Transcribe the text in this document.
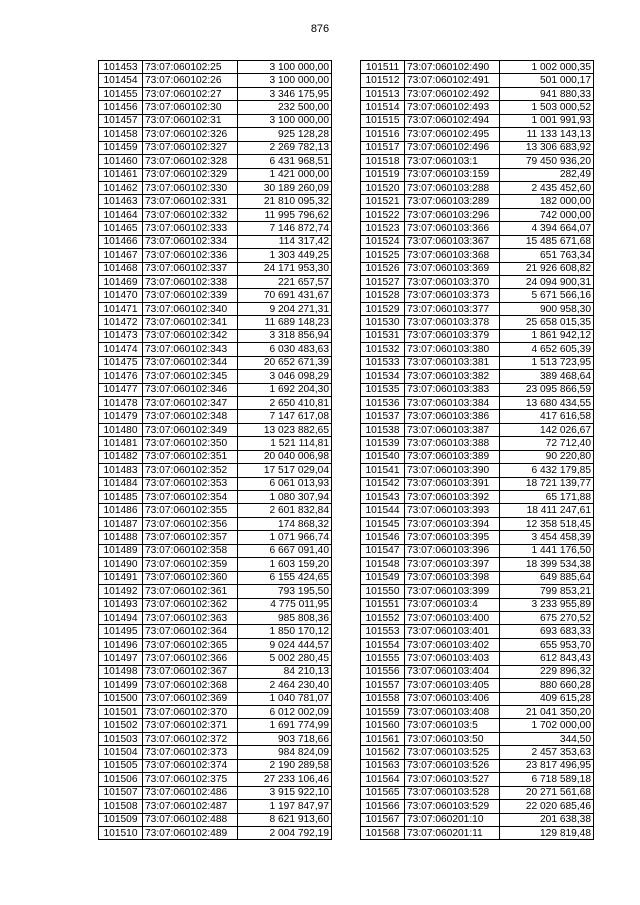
876
101453	73:07:060102:25	3 100 000,00
101454	73:07:060102:26	3 100 000,00
101455	73:07:060102:27	3 346 175,95
101456	73:07:060102:30	232 500,00
101457	73:07:060102:31	3 100 000,00
101458	73:07:060102:326	925 128,28
101459	73:07:060102:327	2 269 782,13
101460	73:07:060102:328	6 431 968,51
101461	73:07:060102:329	1 421 000,00
101462	73:07:060102:330	30 189 260,09
101463	73:07:060102:331	21 810 095,32
101464	73:07:060102:332	11 995 796,62
101465	73:07:060102:333	7 146 872,74
101466	73:07:060102:334	114 317,42
101467	73:07:060102:336	1 303 449,25
101468	73:07:060102:337	24 171 953,30
101469	73:07:060102:338	221 657,57
101470	73:07:060102:339	70 691 431,67
101471	73:07:060102:340	9 204 271,31
101472	73:07:060102:341	11 689 148,23
101473	73:07:060102:342	3 318 856,94
101474	73:07:060102:343	6 030 483,63
101475	73:07:060102:344	20 652 671,39
101476	73:07:060102:345	3 046 098,29
101477	73:07:060102:346	1 692 204,30
101478	73:07:060102:347	2 650 410,81
101479	73:07:060102:348	7 147 617,08
101480	73:07:060102:349	13 023 882,65
101481	73:07:060102:350	1 521 114,81
101482	73:07:060102:351	20 040 006,98
101483	73:07:060102:352	17 517 029,04
101484	73:07:060102:353	6 061 013,93
101485	73:07:060102:354	1 080 307,94
101486	73:07:060102:355	2 601 832,84
101487	73:07:060102:356	174 868,32
101488	73:07:060102:357	1 071 966,74
101489	73:07:060102:358	6 667 091,40
101490	73:07:060102:359	1 603 159,20
101491	73:07:060102:360	6 155 424,65
101492	73:07:060102:361	793 195,50
101493	73:07:060102:362	4 775 011,95
101494	73:07:060102:363	985 808,36
101495	73:07:060102:364	1 850 170,12
101496	73:07:060102:365	9 024 444,57
101497	73:07:060102:366	5 002 280,45
101498	73:07:060102:367	84 210,13
101499	73:07:060102:368	2 464 230,40
101500	73:07:060102:369	1 040 781,07
101501	73:07:060102:370	6 012 002,09
101502	73:07:060102:371	1 691 774,99
101503	73:07:060102:372	903 718,66
101504	73:07:060102:373	984 824,09
101505	73:07:060102:374	2 190 289,58
101506	73:07:060102:375	27 233 106,46
101507	73:07:060102:486	3 915 922,10
101508	73:07:060102:487	1 197 847,97
101509	73:07:060102:488	8 621 913,60
101510	73:07:060102:489	2 004 792,19
101511	73:07:060102:490	1 002 000,35
101512	73:07:060102:491	501 000,17
101513	73:07:060102:492	941 880,33
101514	73:07:060102:493	1 503 000,52
101515	73:07:060102:494	1 001 991,93
101516	73:07:060102:495	11 133 143,13
101517	73:07:060102:496	13 306 683,92
101518	73:07:060103:1	79 450 936,20
101519	73:07:060103:159	282,49
101520	73:07:060103:288	2 435 452,60
101521	73:07:060103:289	182 000,00
101522	73:07:060103:296	742 000,00
101523	73:07:060103:366	4 394 664,07
101524	73:07:060103:367	15 485 671,68
101525	73:07:060103:368	651 763,34
101526	73:07:060103:369	21 926 608,82
101527	73:07:060103:370	24 094 900,31
101528	73:07:060103:373	5 671 566,16
101529	73:07:060103:377	900 958,30
101530	73:07:060103:378	25 658 015,35
101531	73:07:060103:379	1 861 942,12
101532	73:07:060103:380	4 652 605,39
101533	73:07:060103:381	1 513 723,95
101534	73:07:060103:382	389 468,64
101535	73:07:060103:383	23 095 866,59
101536	73:07:060103:384	13 680 434,55
101537	73:07:060103:386	417 616,58
101538	73:07:060103:387	142 026,67
101539	73:07:060103:388	72 712,40
101540	73:07:060103:389	90 220,80
101541	73:07:060103:390	6 432 179,85
101542	73:07:060103:391	18 721 139,77
101543	73:07:060103:392	65 171,88
101544	73:07:060103:393	18 411 247,61
101545	73:07:060103:394	12 358 518,45
101546	73:07:060103:395	3 454 458,39
101547	73:07:060103:396	1 441 176,50
101548	73:07:060103:397	18 399 534,38
101549	73:07:060103:398	649 885,64
101550	73:07:060103:399	799 853,21
101551	73:07:060103:4	3 233 955,89
101552	73:07:060103:400	675 270,52
101553	73:07:060103:401	693 683,33
101554	73:07:060103:402	655 953,70
101555	73:07:060103:403	612 843,43
101556	73:07:060103:404	229 896,32
101557	73:07:060103:405	880 660,28
101558	73:07:060103:406	409 615,28
101559	73:07:060103:408	21 041 350,20
101560	73:07:060103:5	1 702 000,00
101561	73:07:060103:50	344,50
101562	73:07:060103:525	2 457 353,63
101563	73:07:060103:526	23 817 496,95
101564	73:07:060103:527	6 718 589,18
101565	73:07:060103:528	20 271 561,68
101566	73:07:060103:529	22 020 685,46
101567	73:07:060201:10	201 638,38
101568	73:07:060201:11	129 819,48
